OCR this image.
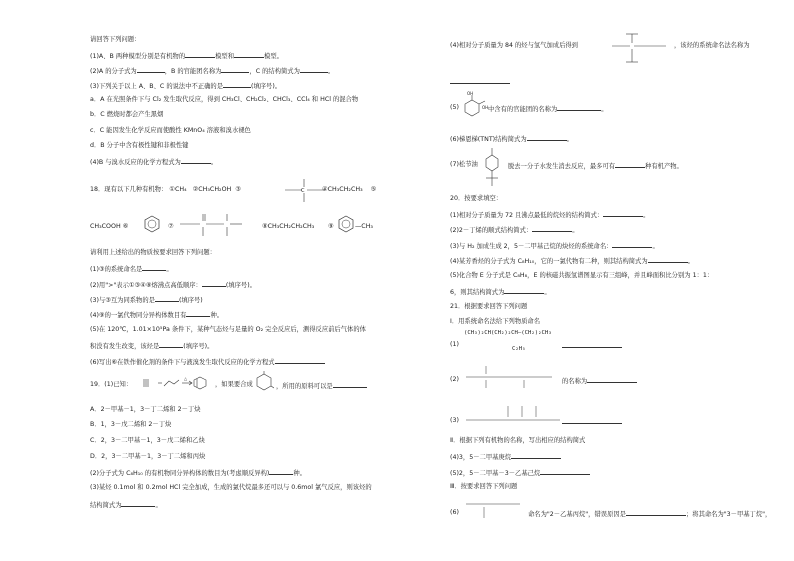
请回答下列问题：
(1)A、B 两种模型分别是有机物的	模型和	模型。
(2)A 的分子式为	，B 的官能团名称为	，C 的结构简式为	。
(3)下列关于以上 A、B、C 的说法中不正确的是	(填序号)。
a．A 在光照条件下与 Cl₂ 发生取代反应，得到 CH₃Cl、CH₂Cl₂、CHCl₃、CCl₄ 和 HCl 的混合物
b．C 燃烧时都会产生黑烟
c．C 能因发生化学反应而使酸性 KMnO₄ 溶液和溴水褪色
d．B 分子中含有极性键和非极性键
(4)B 与溴水反应的化学方程式为	。
18．现有以下几种有机物： ①CH₄ ②CH₃CH₂OH ③	C	④CH₃CH₂CH₃ ⑤
CH₃COOH ⑥	⑦	⑧CH₃CH₂CH₂CH₃ ⑨	—CH₃
请利用上述给出的物质按要求回答下列问题：
(1)③的系统命名是	。
(2)用">"表示①③④⑧熔沸点高低顺序：	(填序号)。
(3)与③互为同系物的是	(填序号)
(4)⑨的一氯代物同分异构体数目有	种。
(5)在 120℃，1.01×10⁵Pa 条件下，某种气态烃与足量的 O₂ 完全反应后，测得反应前后气体的体
积没有发生改变，该烃是	(填序号)。
(6)写出⑥在铁作催化剂的条件下与液溴发生取代反应的化学方程式
19．(1)已知：
△
，如果要合成	，所用的原料可以是
A．2－甲基－1，3－丁二烯和 2－丁炔
B．1，3－戊二烯和 2－丁炔
C．2，3－二甲基－1，3－戊二烯和乙炔
D．2，3－二甲基－1，3－丁二烯和丙炔
(2)分子式为 C₈H₁₀ 的有机物同分异构体的数目为(考虑顺反异构)	种。
(3)某烃 0.1mol 和 0.2mol HCl 完全加成，生成的氯代烷最多还可以与 0.6mol 氯气反应，则该烃的
结构简式为	。
(4)相对分子质量为 84 的烃与氢气加成后得到	，该烃的系统命名法名称为
(5)
OH
OH 中含有的官能团的名称为	。
(6)梯恩梯(TNT)结构简式为	。
(7)松节油	脱去一分子水发生消去反应，最多可有	种有机产物。
20．按要求填空：
(1)相对分子质量为 72 且沸点最低的烷烃的结构简式：	。
(2)2－丁烯的顺式结构简式：	。
(3)与 H₂ 加成生成 2，5－二甲基己烷的炔烃的系统命名：	。
(4)某芳香烃的分子式为 C₈H₁₀，它的一氯代物有二种，则其结构简式为	。
(5)化合物 E 分子式是 C₈H₈，E 的核磁共振氢谱图显示有三组峰，并且峰面积比分别为 1：1：
6，则其结构简式为	。
21．根据要求回答下列问题
Ⅰ．用系统命名法给下列物质命名
(1)
(CH₃)₂CH(CH₂)₂CH—(CH₂)₂CH₃
C₂H₅
(2)	的名称为
(3)
Ⅱ．根据下列有机物的名称，写出相应的结构简式
(4)3，5－二甲基庚烷
(5)2，5－二甲基－3－乙基己烷
Ⅲ．按要求回答下列问题
(6)	命名为"2－乙基丙烷"，错误原因是	；将其命名为"3－甲基丁烷"，
